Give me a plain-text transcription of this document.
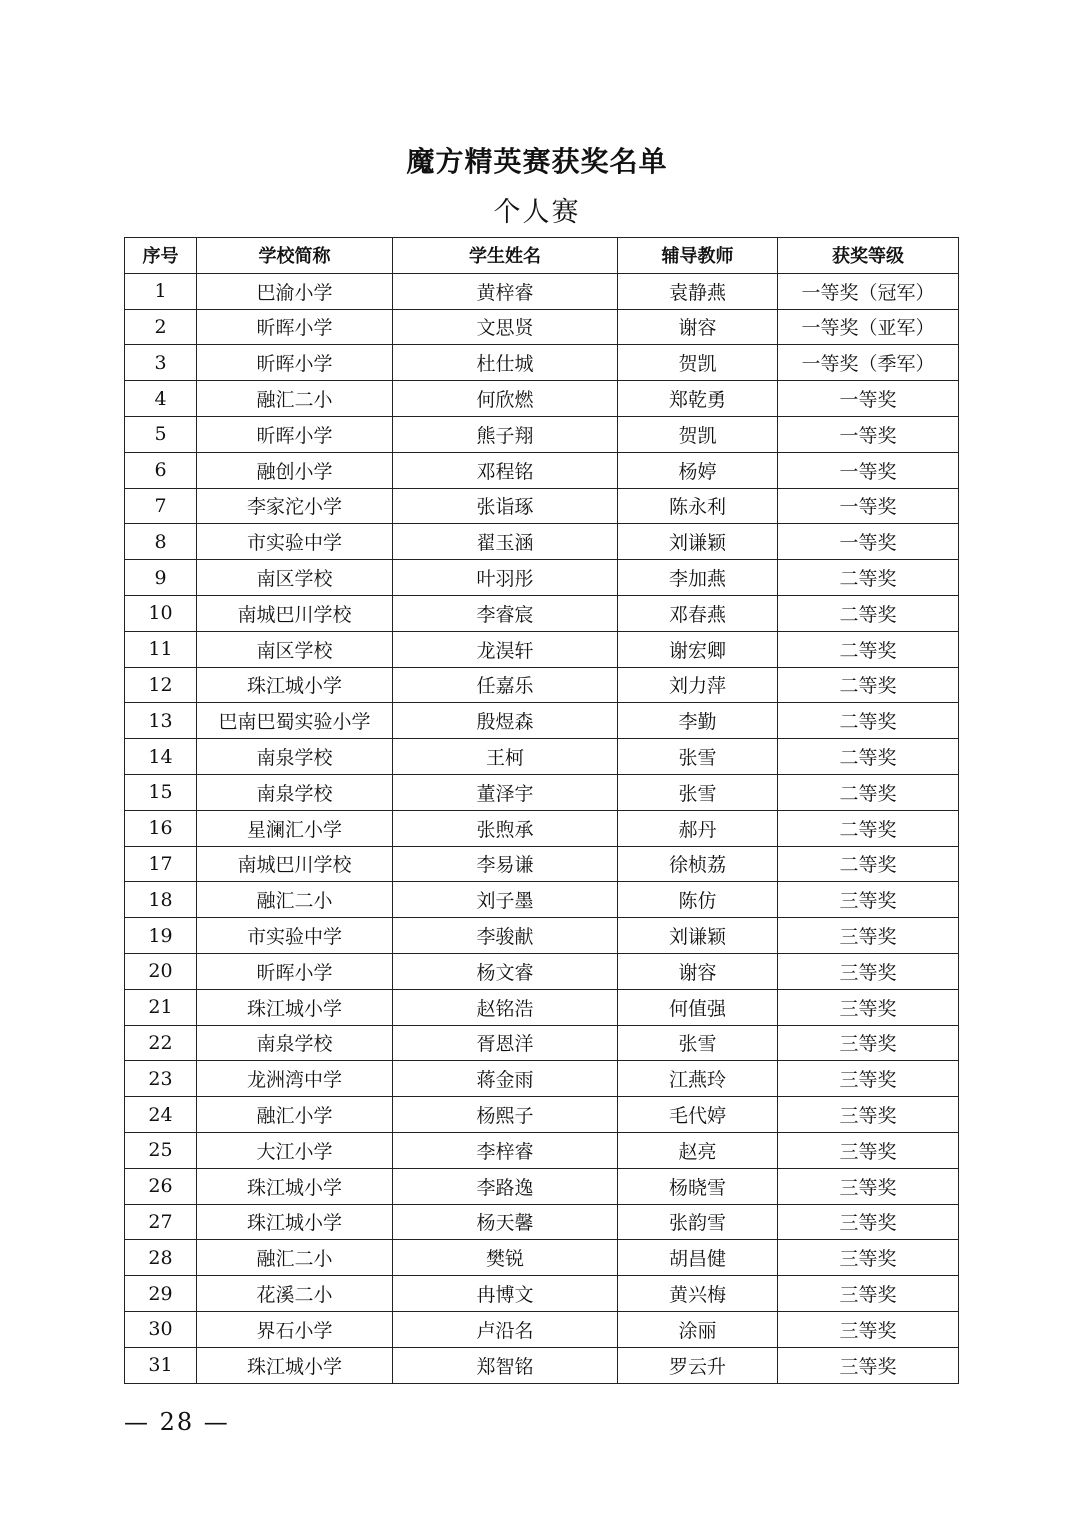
魔方精英赛获奖名单
个人赛
序号	学校简称	学生姓名	辅导教师	获奖等级
1	巴渝小学	黄梓睿	袁静燕	一等奖（冠军）
2	昕晖小学	文思贤	谢容	一等奖（亚军）
3	昕晖小学	杜仕城	贺凯	一等奖（季军）
4	融汇二小	何欣燃	郑乾勇	一等奖
5	昕晖小学	熊子翔	贺凯	一等奖
6	融创小学	邓程铭	杨婷	一等奖
7	李家沱小学	张诣琢	陈永利	一等奖
8	市实验中学	翟玉涵	刘谦颖	一等奖
9	南区学校	叶羽彤	李加燕	二等奖
10	南城巴川学校	李睿宸	邓春燕	二等奖
11	南区学校	龙淏轩	谢宏卿	二等奖
12	珠江城小学	任嘉乐	刘力萍	二等奖
13	巴南巴蜀实验小学	殷煜森	李勤	二等奖
14	南泉学校	王柯	张雪	二等奖
15	南泉学校	董泽宇	张雪	二等奖
16	星澜汇小学	张煦承	郝丹	二等奖
17	南城巴川学校	李易谦	徐桢荔	二等奖
18	融汇二小	刘子墨	陈仿	三等奖
19	市实验中学	李骏献	刘谦颖	三等奖
20	昕晖小学	杨文睿	谢容	三等奖
21	珠江城小学	赵铭浩	何值强	三等奖
22	南泉学校	胥恩洋	张雪	三等奖
23	龙洲湾中学	蒋金雨	江燕玲	三等奖
24	融汇小学	杨熙子	毛代婷	三等奖
25	大江小学	李梓睿	赵亮	三等奖
26	珠江城小学	李路逸	杨晓雪	三等奖
27	珠江城小学	杨天馨	张韵雪	三等奖
28	融汇二小	樊锐	胡昌健	三等奖
29	花溪二小	冉博文	黄兴梅	三等奖
30	界石小学	卢沿名	涂丽	三等奖
31	珠江城小学	郑智铭	罗云升	三等奖
— 28 —
